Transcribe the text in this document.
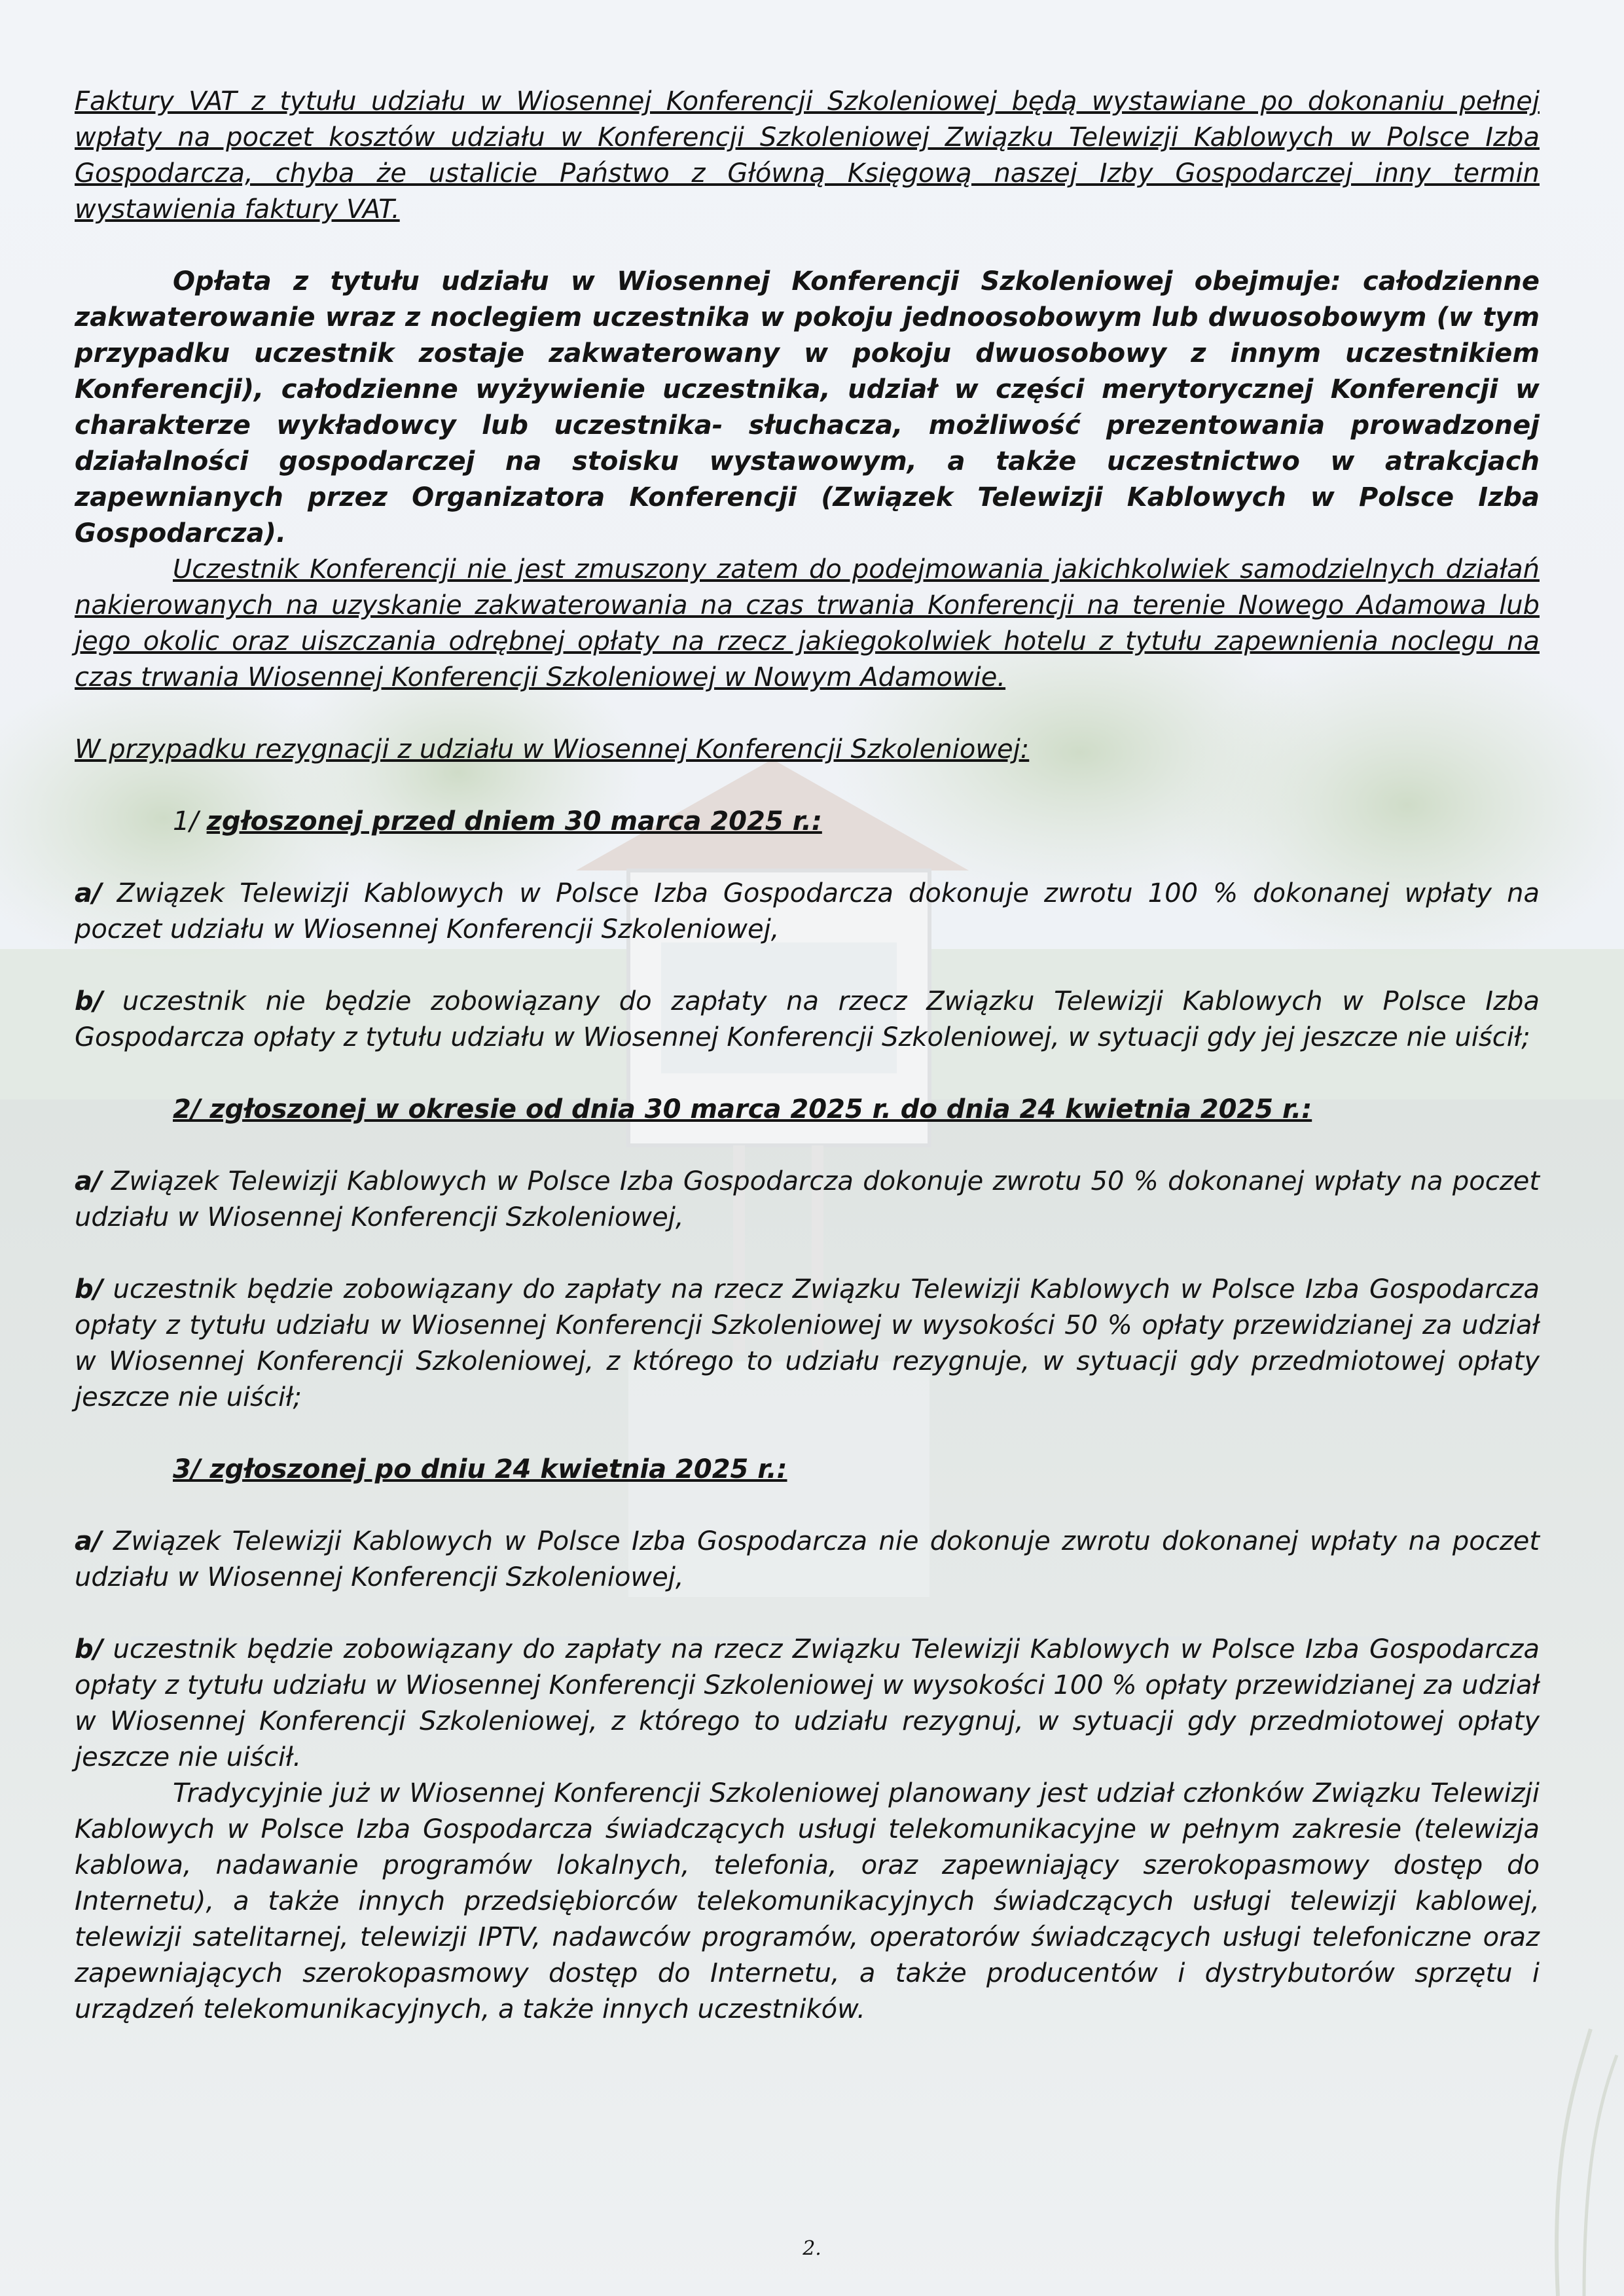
Faktury VAT z tytułu udziału w Wiosennej Konferencji Szkoleniowej będą wystawiane po dokonaniu pełnej wpłaty na poczet kosztów udziału w Konferencji Szkoleniowej Związku Telewizji Kablowych w Polsce Izba Gospodarcza, chyba że ustalicie Państwo z Główną Księgową naszej Izby Gospodarczej inny termin wystawienia faktury VAT.

Opłata z tytułu udziału w Wiosennej Konferencji Szkoleniowej obejmuje: całodzienne zakwaterowanie wraz z noclegiem uczestnika w pokoju jednoosobowym lub dwuosobowym (w tym przypadku uczestnik zostaje zakwaterowany w pokoju dwuosobowy z innym uczestnikiem Konferencji), całodzienne wyżywienie uczestnika, udział w części merytorycznej Konferencji w charakterze wykładowcy lub uczestnika- słuchacza, możliwość prezentowania prowadzonej działalności gospodarczej na stoisku wystawowym, a także uczestnictwo w atrakcjach zapewnianych przez Organizatora Konferencji (Związek Telewizji Kablowych w Polsce Izba Gospodarcza).

Uczestnik Konferencji nie jest zmuszony zatem do podejmowania jakichkolwiek samodzielnych działań nakierowanych na uzyskanie zakwaterowania na czas trwania Konferencji na terenie Nowego Adamowa lub jego okolic oraz uiszczania odrębnej opłaty na rzecz jakiegokolwiek hotelu z tytułu zapewnienia noclegu na czas trwania Wiosennej Konferencji Szkoleniowej w Nowym Adamowie.

W przypadku rezygnacji z udziału w Wiosennej Konferencji Szkoleniowej:

1/ zgłoszonej przed dniem 30 marca 2025 r.:

a/ Związek Telewizji Kablowych w Polsce Izba Gospodarcza dokonuje zwrotu 100 % dokonanej wpłaty na poczet udziału w Wiosennej Konferencji Szkoleniowej,

b/ uczestnik nie będzie zobowiązany do zapłaty na rzecz Związku Telewizji Kablowych w Polsce Izba Gospodarcza opłaty z tytułu udziału w Wiosennej Konferencji Szkoleniowej, w sytuacji gdy jej jeszcze nie uiścił;

2/ zgłoszonej w okresie od dnia 30 marca 2025 r. do dnia 24 kwietnia 2025 r.:

a/ Związek Telewizji Kablowych w Polsce Izba Gospodarcza dokonuje zwrotu 50 % dokonanej wpłaty na poczet udziału w Wiosennej Konferencji Szkoleniowej,

b/ uczestnik będzie zobowiązany do zapłaty na rzecz Związku Telewizji Kablowych w Polsce Izba Gospodarcza opłaty z tytułu udziału w Wiosennej Konferencji Szkoleniowej w wysokości 50 % opłaty przewidzianej za udział w Wiosennej Konferencji Szkoleniowej, z którego to udziału rezygnuje, w sytuacji gdy przedmiotowej opłaty jeszcze nie uiścił;

3/ zgłoszonej po dniu 24 kwietnia 2025 r.:

a/ Związek Telewizji Kablowych w Polsce Izba Gospodarcza nie dokonuje zwrotu dokonanej wpłaty na poczet udziału w Wiosennej Konferencji Szkoleniowej,

b/ uczestnik będzie zobowiązany do zapłaty na rzecz Związku Telewizji Kablowych w Polsce Izba Gospodarcza opłaty z tytułu udziału w Wiosennej Konferencji Szkoleniowej w wysokości 100 % opłaty przewidzianej za udział w Wiosennej Konferencji Szkoleniowej, z którego to udziału rezygnuj, w sytuacji gdy przedmiotowej opłaty jeszcze nie uiścił.

Tradycyjnie już w Wiosennej Konferencji Szkoleniowej planowany jest udział członków Związku Telewizji Kablowych w Polsce Izba Gospodarcza świadczących usługi telekomunikacyjne w pełnym zakresie (telewizja kablowa, nadawanie programów lokalnych, telefonia, oraz zapewniający szerokopasmowy dostęp do Internetu), a także innych przedsiębiorców telekomunikacyjnych świadczących usługi telewizji kablowej, telewizji satelitarnej, telewizji IPTV, nadawców programów, operatorów świadczących usługi telefoniczne oraz zapewniających szerokopasmowy dostęp do Internetu, a także producentów i dystrybutorów sprzętu i urządzeń telekomunikacyjnych, a także innych uczestników.

2.
